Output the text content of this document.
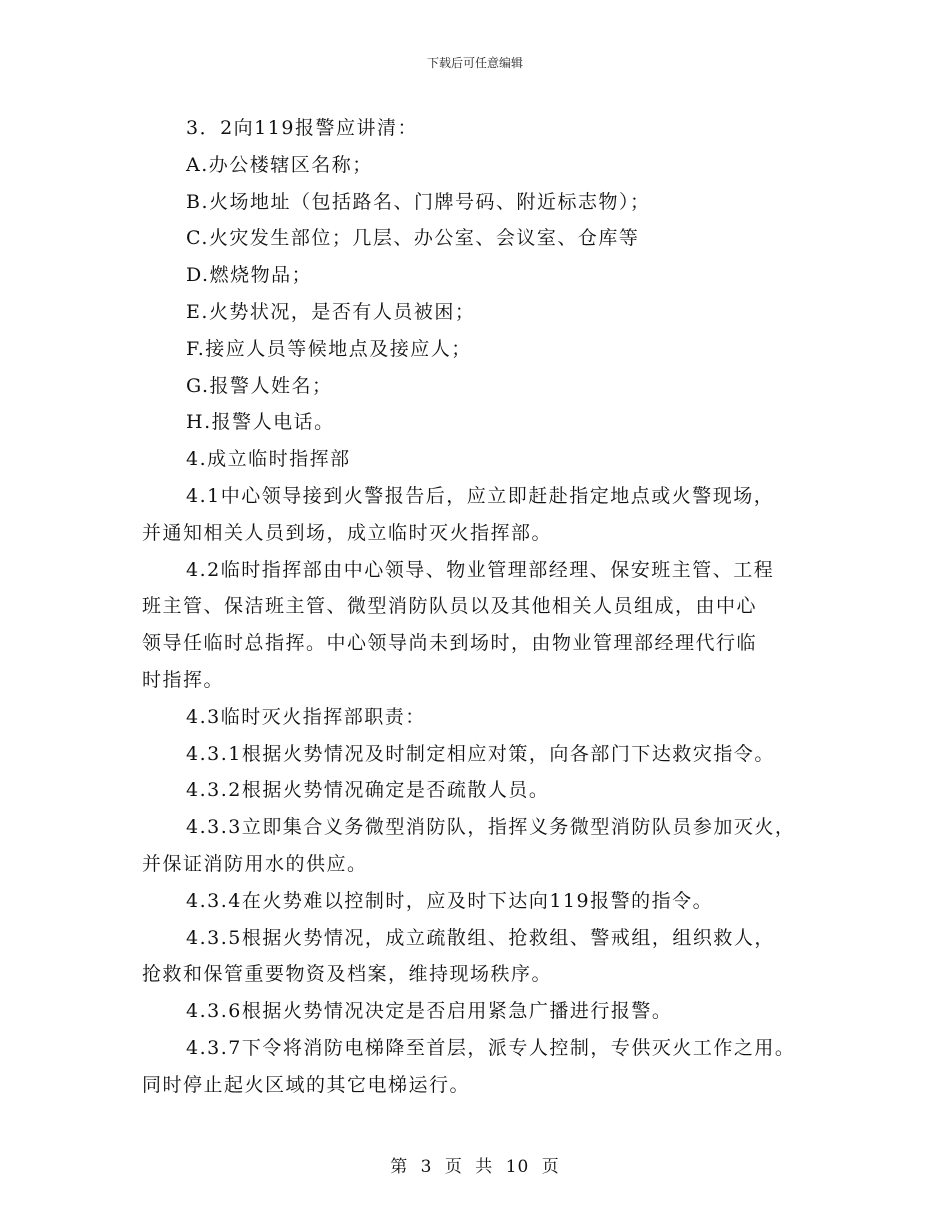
下载后可任意编辑
3．2向119报警应讲清：
A.办公楼辖区名称；
B.火场地址（包括路名、门牌号码、附近标志物）；
C.火灾发生部位；几层、办公室、会议室、仓库等
D.燃烧物品；
E.火势状况，是否有人员被困；
F.接应人员等候地点及接应人；
G.报警人姓名；
H.报警人电话。
4.成立临时指挥部
4.1中心领导接到火警报告后，应立即赶赴指定地点或火警现场，
并通知相关人员到场，成立临时灭火指挥部。
4.2临时指挥部由中心领导、物业管理部经理、保安班主管、工程
班主管、保洁班主管、微型消防队员以及其他相关人员组成，由中心
领导任临时总指挥。中心领导尚未到场时，由物业管理部经理代行临
时指挥。
4.3临时灭火指挥部职责：
4.3.1根据火势情况及时制定相应对策，向各部门下达救灾指令。
4.3.2根据火势情况确定是否疏散人员。
4.3.3立即集合义务微型消防队，指挥义务微型消防队员参加灭火，
并保证消防用水的供应。
4.3.4在火势难以控制时，应及时下达向119报警的指令。
4.3.5根据火势情况，成立疏散组、抢救组、警戒组，组织救人，
抢救和保管重要物资及档案，维持现场秩序。
4.3.6根据火势情况决定是否启用紧急广播进行报警。
4.3.7下令将消防电梯降至首层，派专人控制，专供灭火工作之用。
同时停止起火区域的其它电梯运行。
第 3 页 共 10 页
